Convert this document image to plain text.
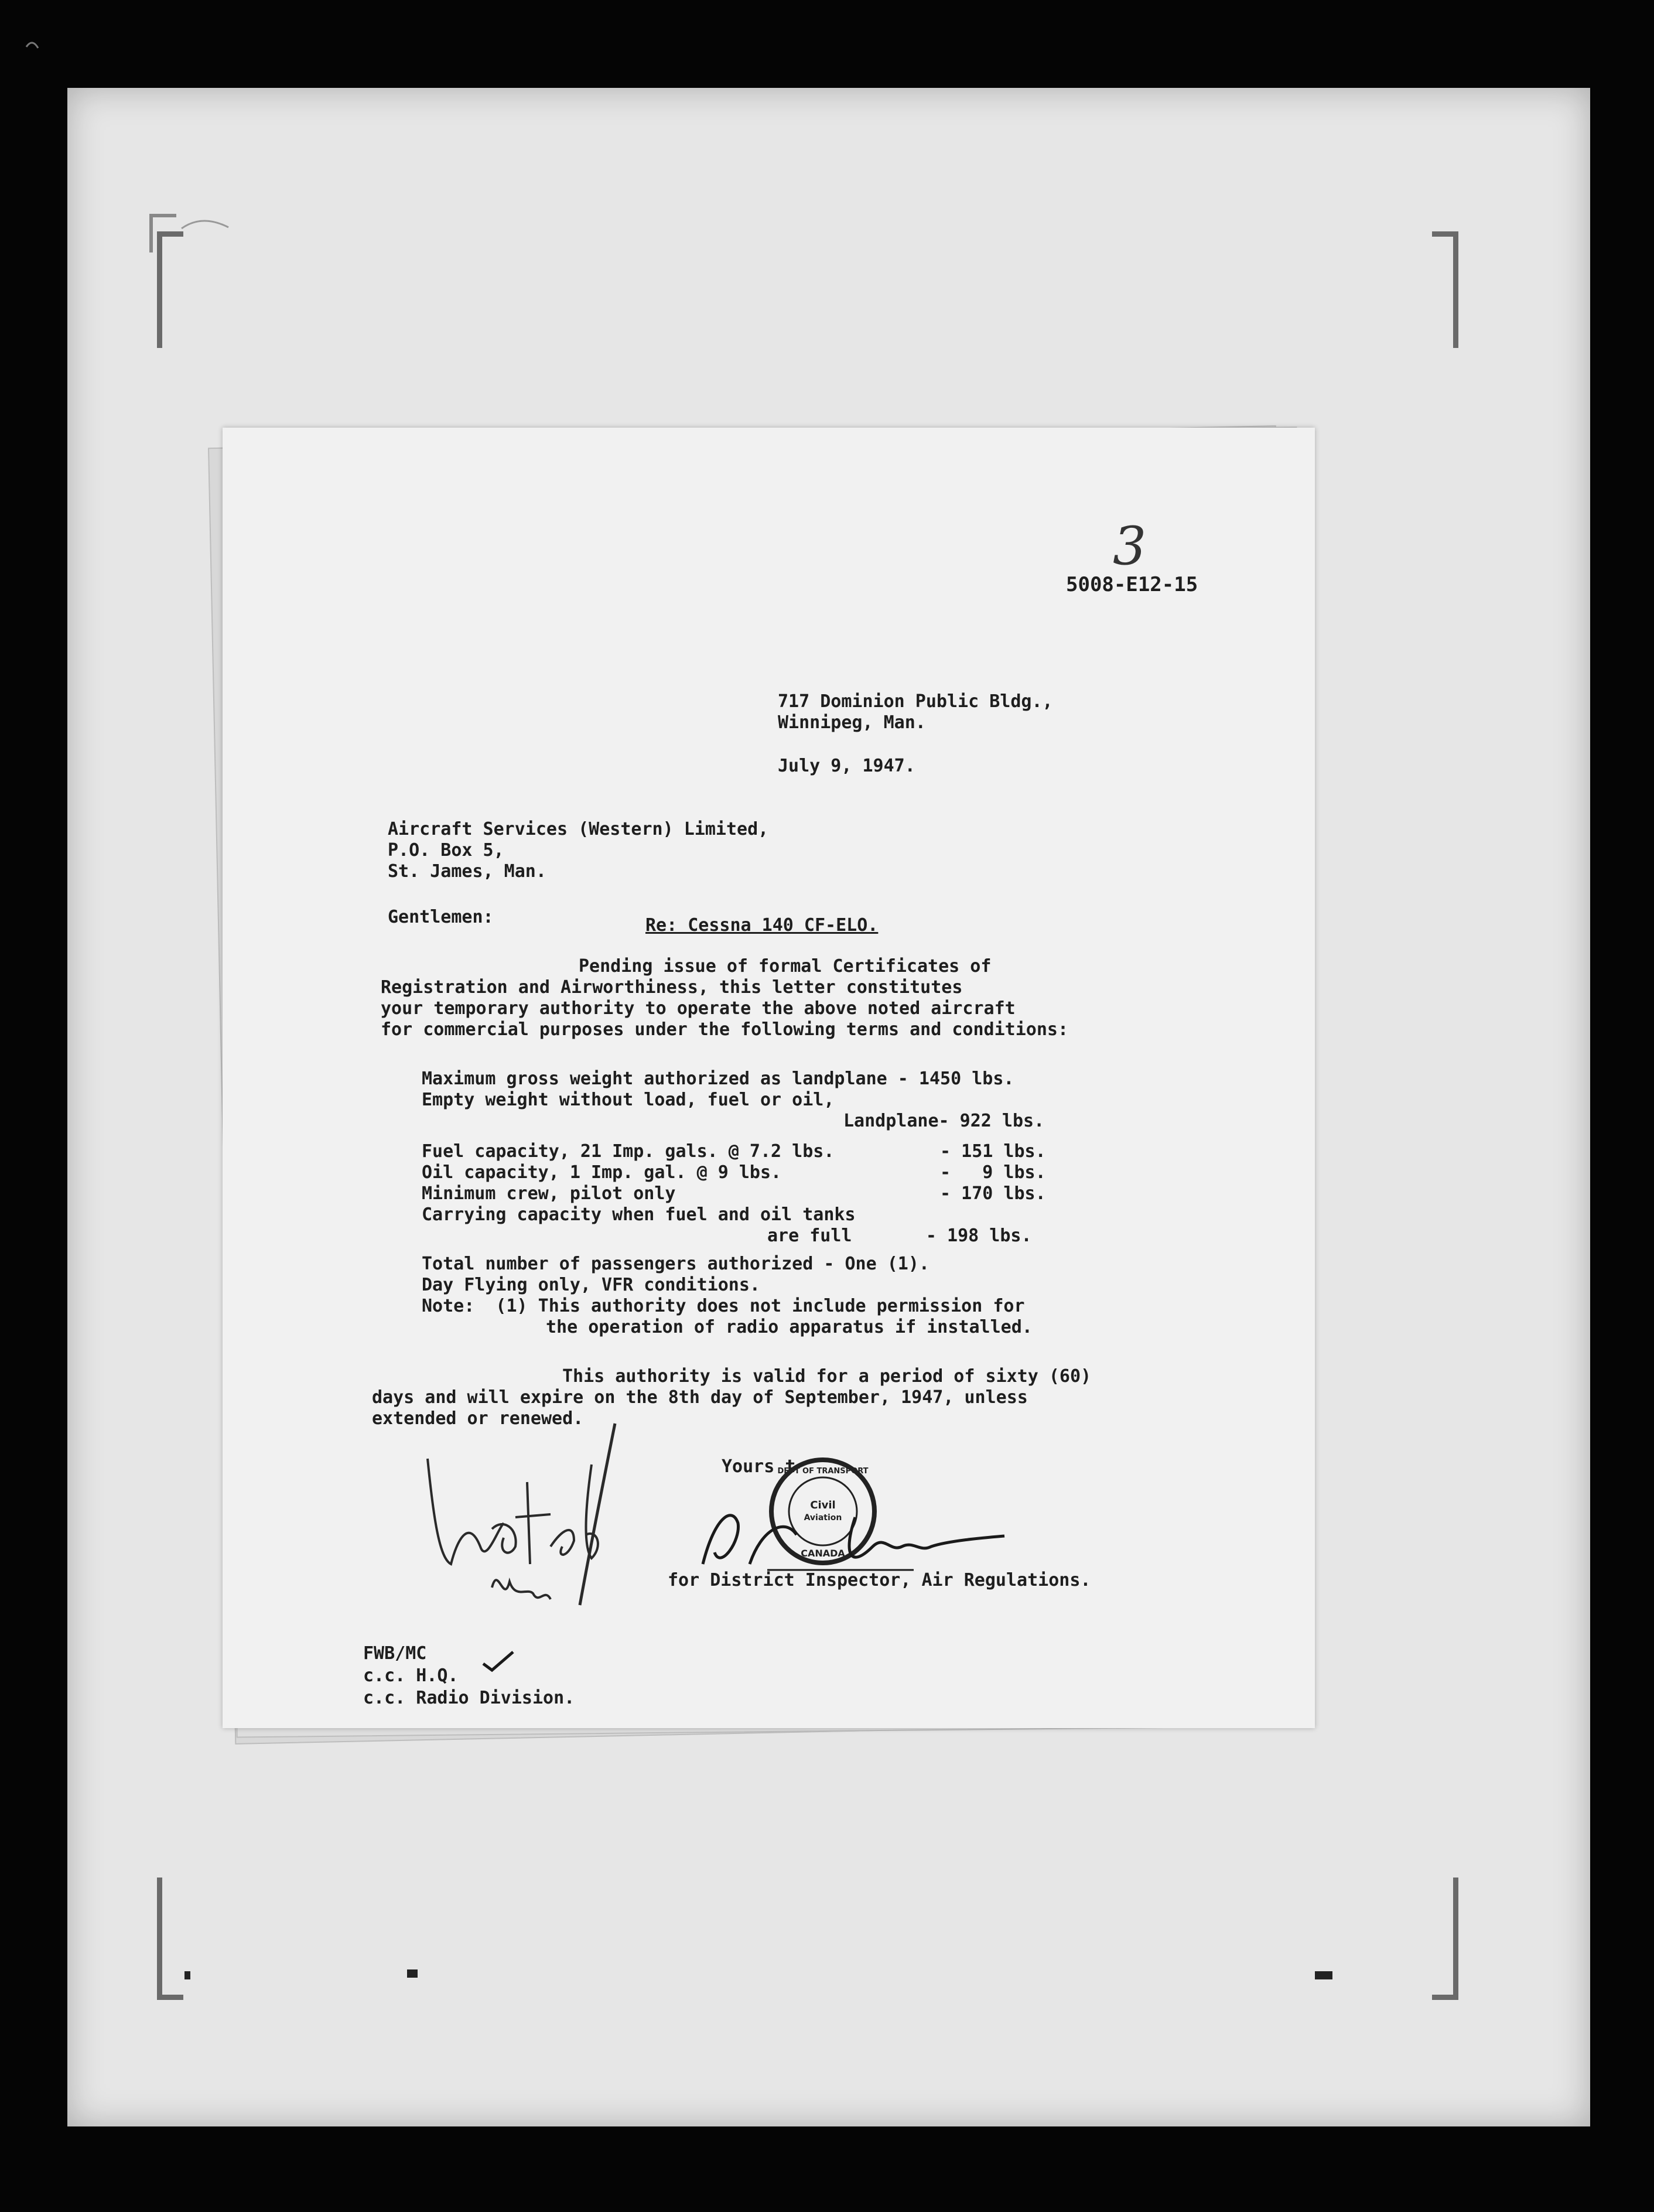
3
5008-E12-15
717 Dominion Public Bldg.,
Winnipeg, Man.
July 9, 1947.
Aircraft Services (Western) Limited,
P.O. Box 5,
St. James, Man.
Gentlemen:	Re: Cessna 140 CF-ELO.
Pending issue of formal Certificates of
Registration and Airworthiness, this letter constitutes
your temporary authority to operate the above noted aircraft
for commercial purposes under the following terms and conditions:
Maximum gross weight authorized as landplane - 1450 lbs.
Empty weight without load, fuel or oil,
Landplane- 922 lbs.
Fuel capacity, 21 Imp. gals. @ 7.2 lbs.          - 151 lbs.
Oil capacity, 1 Imp. gal. @ 9 lbs.               -   9 lbs.
Minimum crew, pilot only                         - 170 lbs.
Carrying capacity when fuel and oil tanks
are full       - 198 lbs.
Total number of passengers authorized - One (1).
Day Flying only, VFR conditions.
Note:  (1) This authority does not include permission for
the operation of radio apparatus if installed.
This authority is valid for a period of sixty (60)
days and will expire on the 8th day of September, 1947, unless
extended or renewed.
Yours t
DEPT OF TRANSPORT
Civil
Aviation
CANADA
for District Inspector, Air Regulations.
FWB/MC
c.c. H.Q.
c.c. Radio Division.
